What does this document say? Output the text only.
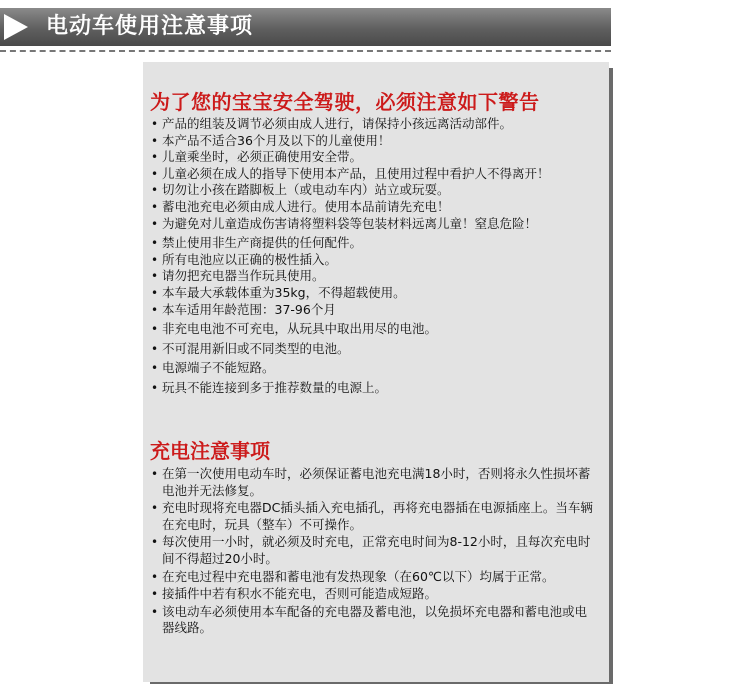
电动车使用注意事项
为了您的宝宝安全驾驶，必须注意如下警告
• 产品的组装及调节必须由成人进行，请保持小孩远离活动部件。
• 本产品不适合36个月及以下的儿童使用！
• 儿童乘坐时，必须正确使用安全带。
• 儿童必须在成人的指导下使用本产品，且使用过程中看护人不得离开！
• 切勿让小孩在踏脚板上（或电动车内）站立或玩耍。
• 蓄电池充电必须由成人进行。使用本品前请先充电！
• 为避免对儿童造成伤害请将塑料袋等包装材料远离儿童！窒息危险！
• 禁止使用非生产商提供的任何配件。
• 所有电池应以正确的极性插入。
• 请勿把充电器当作玩具使用。
• 本车最大承载体重为35kg，不得超载使用。
• 本车适用年龄范围：37-96个月
• 非充电电池不可充电，从玩具中取出用尽的电池。
• 不可混用新旧或不同类型的电池。
• 电源端子不能短路。
• 玩具不能连接到多于推荐数量的电源上。
充电注意事项
• 在第一次使用电动车时，必须保证蓄电池充电满18小时，否则将永久性损坏蓄电池并无法修复。
• 充电时现将充电器DC插头插入充电插孔，再将充电器插在电源插座上。当车辆在充电时，玩具（整车）不可操作。
• 每次使用一小时，就必须及时充电，正常充电时间为8-12小时，且每次充电时间不得超过20小时。
• 在充电过程中充电器和蓄电池有发热现象（在60℃以下）均属于正常。
• 接插件中若有积水不能充电，否则可能造成短路。
• 该电动车必须使用本车配备的充电器及蓄电池，以免损坏充电器和蓄电池或电器线路。
